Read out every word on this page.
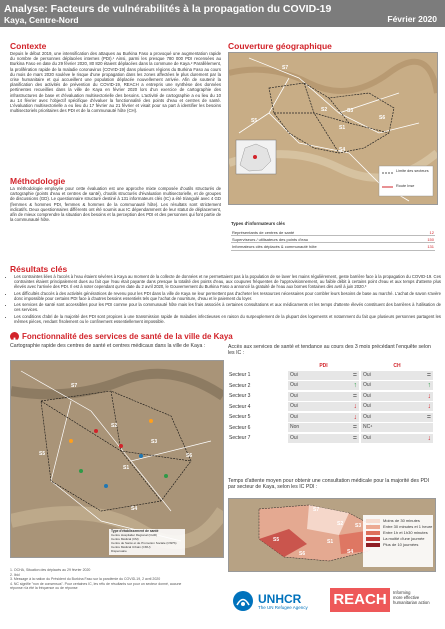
Analyse: Facteurs de vulnérabilités à la propagation du COVID-19
Kaya, Centre-Nord	Février 2020
Contexte

Depuis le début 2019, une intensification des attaques au Burkina Faso a provoqué une augmentation rapide du nombre de personnes déplacées internes (PDI).¹ Ainsi, parmi les presque 780 000 PDI recensées au Burkina Faso en date du 29 février 2020, 80 820 étaient déplacées dans la commune de Kaya.² Parallèlement, la prolifération rapide de la maladie coronavirus (COVID-19) dans plusieurs régions du Burkina Faso au cours du mois de mars 2020 soulève le risque d'une propagation dans les zones affectées le plus durement par la crise humanitaire et qui accueillent une population déplacée nouvellement arrivée. Afin de soutenir la planification des activités de prévention du COVID-19, REACH a entrepris une synthèse des données pertinentes recueillies dans la ville de Kaya en février 2020 lors d'un exercice de cartographie des infrastructures de base et d'évaluation multisectorielle des besoins. L'activité de cartographie a eu lieu du 10 au 14 février avec l'objectif spécifique d'évaluer la fonctionnalité des points d'eau et centres de santé. L'évaluation multisectorielle a eu lieu du 17 février au 21 février et visait pour sa part à identifier les besoins multisectoriels prioritaires des PDI et de la communauté hôte (CH).

Méthodologie

La méthodologie employée pour cette évaluation est une approche mixte composée d'outils structurés de cartographie (points d'eau et centres de santé), d'outils structurés d'évaluation multisectorielle, et de groupes de discussions (GD). Le questionnaire structuré destiné à 131 informateurs clés (IC) a été triangulé avec 4 GD (femmes & hommes PDI, femmes & hommes de la communauté hôte). Les résultats sont strictement indicatifs. Deux questionnaires différents ont été soumis aux IC dépendamment de leur statut de déplacement, afin de mieux comprendre la situation des besoins et la perception des PDI et des personnes qui font partie de la communauté hôte.

Couverture géographique
S7
S5
S2	S3
S1
S6
S4
Limite des secteurs
Route Inse
Types d'informateurs clés
Représentants de centres de santé	12
Superviseurs / utilisateurs des points d'eau	150
Informateurs clés déplacés & communauté hôte	131
Résultats clés
• Les contraintes liées à l'accès à l'eau étaient sévères à Kaya au moment de la collecte de données et ne permettaient pas à la population de se laver les mains régulièrement, geste barrière face à la propagation du COVID-19. Ces contraintes étaient principalement dues au fait que l'eau était payante dans presque la totalité des points d'eau, aux coupures fréquentes de l'approvisionnement, au faible débit à certains point d'eau et aux temps d'attente plus élevés avec l'arrivée des PDI. Il est à noter cependant qu'en date du 2 avril 2020, le Gouvernement du Burkina Faso a annoncé la gratuité de l'eau aux bornes fontaines dès avril à juin 2020.³
• Les difficultés d'accès à des activités génératrices de revenu pour les PDI dans la ville de Kaya ne leur permettent pas d'acheter les ressources nécessaires pour combler leurs besoins de base au marché. L'achat de savon s'avère donc impossible pour certains PDI face à d'autres besoins essentiels tels que l'achat de nourriture, d'eau et le paiement du loyer.
• Les services de santé sont accessibles pour les PDI comme pour la communauté hôte mais les frais associés à certaines consultations et aux médicaments et les temps d'attente élevés constituent des barrières à l'utilisation de ces services.
• Les conditions d'abri de la majorité des PDI sont propices à une transmission rapide de maladies infectieuses en raison du surpeuplement de la plupart des logements et notamment du fait que plusieurs personnes partagent les mêmes pièces, rendant l'isolement ou le confinement essentiellement impossible.
Fonctionnalité des services de santé de la ville de Kaya
Cartographie rapide des centres de santé et centres médicaux dans la ville de Kaya :
Type d'établissement de santé
Centre Hospitalier Régional (CHR)
Centre Médical (CM)
Centre de Santé et de Promotion Sociale (CSPS)
Centre Médical Urbain (CMU)
Dispensaire
S7
S5
S2
S3
S1
S6
S4
Accès aux services de santé et tendance au cours des 3 mois précédant l'enquête selon les IC :
	PDI	CH
Secteur 1	Oui =	Oui =

Secteur 2	Oui ↑	Oui ↑

Secteur 3	Oui =	Oui ↓

Secteur 4	Oui ↓	Oui ↓

Secteur 5	Oui ↓	Oui =

Secteur 6	Non =	NC⁴

Secteur 7	Oui =	Oui ↓
Temps d'attente moyen pour obtenir une consultation médicale pour la majorité des PDI par secteur de Kaya, selon les IC PDI :
S7
S2 S3
S5	S1
S4
S6
Moins de 30 minutes
Entre 30 minutes et 1 heure
Entre 1h et 1h30 minutes
La moitié d'une journée
Plus de 10 journées
1. OCHA, Situation des déplacés au 29 février 2020
2. Ibid
3. Message à la nation du Président du Burkina Faso sur la pandémie du COVID-19, 2 avril 2020
4. NC signifie "non de consensus". Pour certaines IC, les réfu de résultants sur pour un secteur donné, aucune réponse n'a été la fréquence ou de réponse
UNHCR
The UN Refugee Agency REACH	Informing
more effective
humanitarian action
